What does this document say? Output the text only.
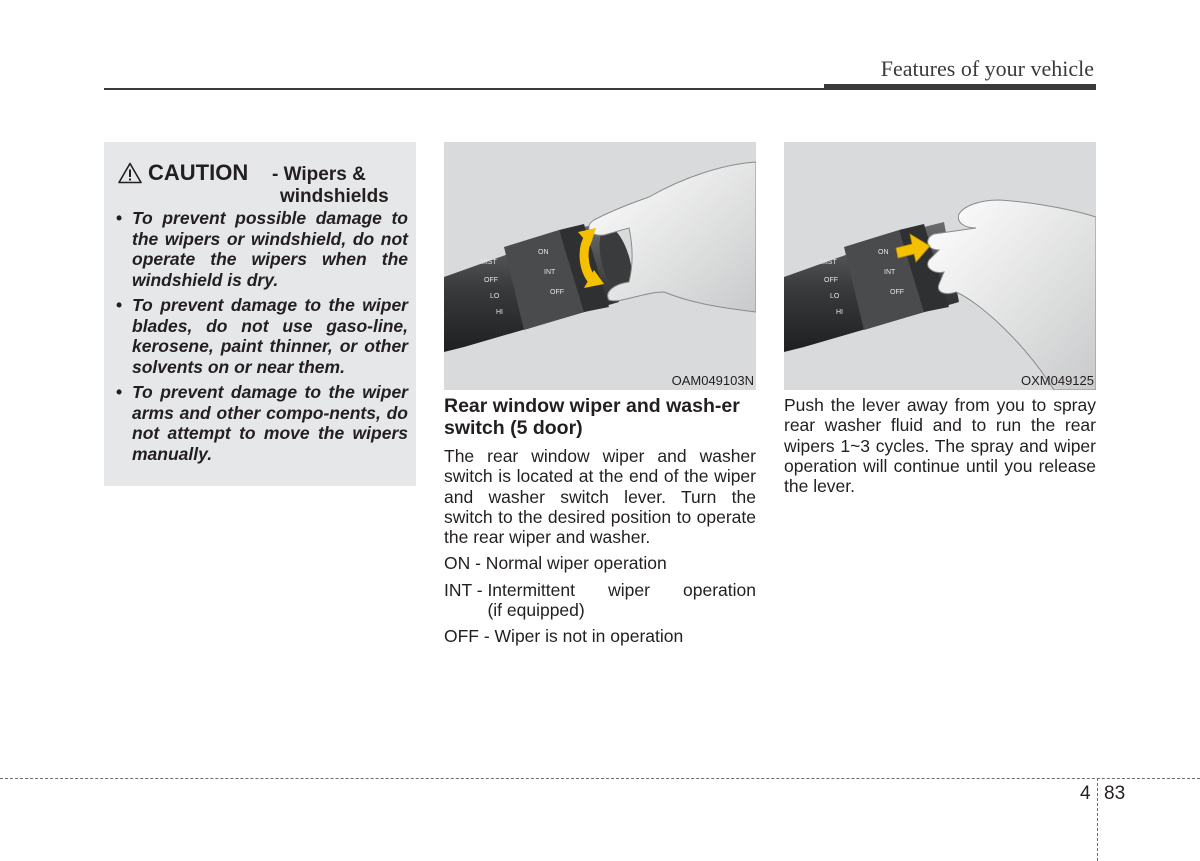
Features of your vehicle
CAUTION - Wipers &
windshields
• To prevent possible damage to the wipers or windshield, do not operate the wipers when the windshield is dry.
• To prevent damage to the wiper blades, do not use gaso-line, kerosene, paint thinner, or other solvents on or near them.
• To prevent damage to the wiper arms and other compo-nents, do not attempt to move the wipers manually.
MIST
OFF
LO
HI
ON
INT
OFF
OAM049103N
MIST
OFF
LO
HI
ON
INT
OFF
OXM049125
Rear window wiper and wash-er switch (5 door)

The rear window wiper and washer switch is located at the end of the wiper and washer switch lever. Turn the switch to the desired position to operate the rear wiper and washer.

ON - Normal wiper operation
INT - Intermittent wiper operation
(if equipped)
OFF - Wiper is not in operation

Push the lever away from you to spray rear washer fluid and to run the rear wipers 1~3 cycles. The spray and wiper operation will continue until you release the lever.

4 83
